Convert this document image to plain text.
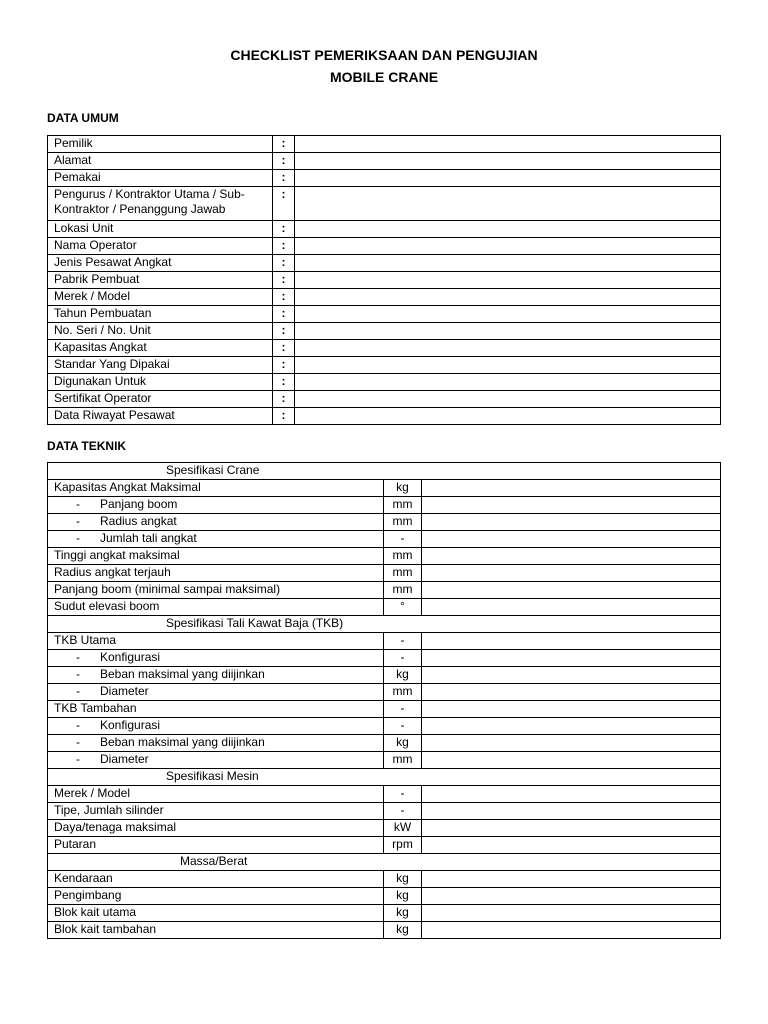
CHECKLIST PEMERIKSAAN DAN PENGUJIAN
MOBILE CRANE
DATA UMUM
Pemilik	:	
Alamat	:	
Pemakai	:	
Pengurus / Kontraktor Utama / Sub-Kontraktor / Penanggung Jawab	:	
Lokasi Unit	:	
Nama Operator	:	
Jenis Pesawat Angkat	:	
Pabrik Pembuat	:	
Merek / Model	:	
Tahun Pembuatan	:	
No. Seri / No. Unit	:	
Kapasitas Angkat	:	
Standar Yang Dipakai	:	
Digunakan Untuk	:	
Sertifikat Operator	:	
Data Riwayat Pesawat	:	
DATA TEKNIK
Spesifikasi Crane		
Kapasitas Angkat Maksimal	kg	
- Panjang boom	mm	
- Radius angkat	mm	
- Jumlah tali angkat	-	
Tinggi angkat maksimal	mm	
Radius angkat terjauh	mm	
Panjang boom (minimal sampai maksimal)	mm	
Sudut elevasi boom	°	
Spesifikasi Tali Kawat Baja (TKB)		
TKB Utama	-	
- Konfigurasi	-	
- Beban maksimal yang diijinkan	kg	
- Diameter	mm	
TKB Tambahan	-	
- Konfigurasi	-	
- Beban maksimal yang diijinkan	kg	
- Diameter	mm	
Spesifikasi Mesin		
Merek / Model	-	
Tipe, Jumlah silinder	-	
Daya/tenaga maksimal	kW	
Putaran	rpm	
Massa/Berat		
Kendaraan	kg	
Pengimbang	kg	
Blok kait utama	kg	
Blok kait tambahan	kg	
